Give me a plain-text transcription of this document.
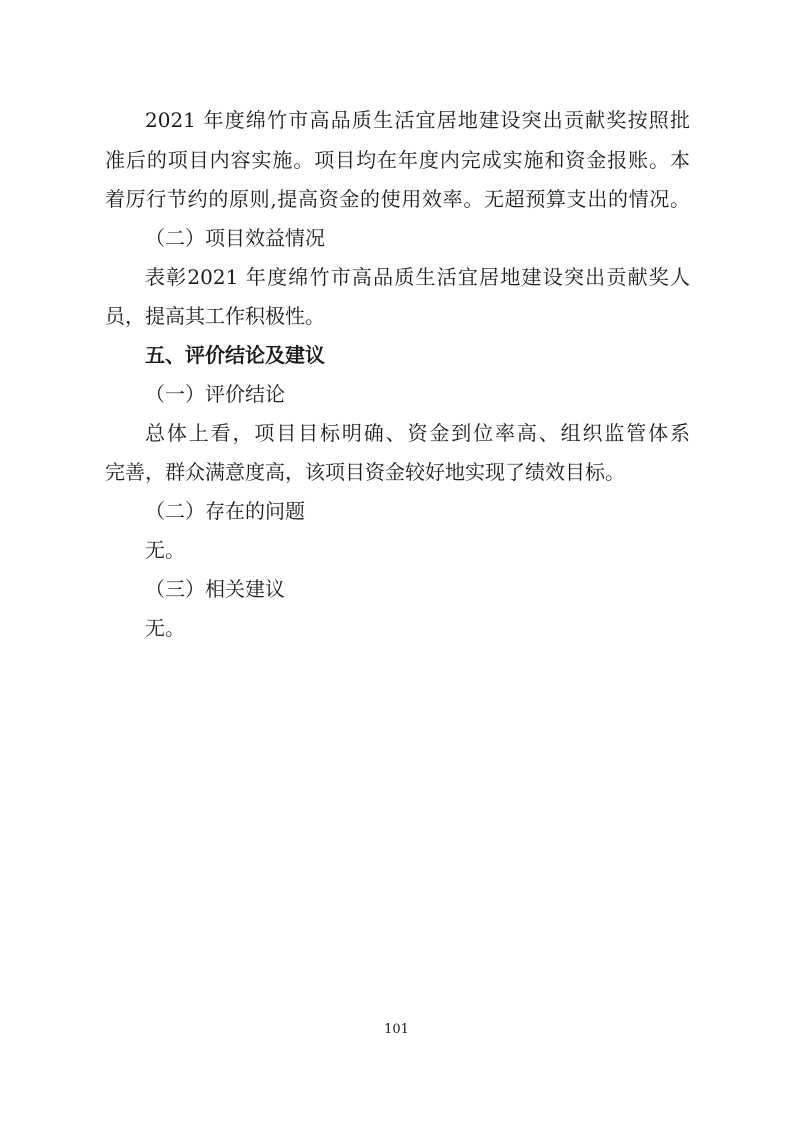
2021 年度绵竹市高品质生活宜居地建设突出贡献奖按照批
准后的项目内容实施。项目均在年度内完成实施和资金报账。本
着厉行节约的原则,提高资金的使用效率。无超预算支出的情况。
（二）项目效益情况
表彰2021 年度绵竹市高品质生活宜居地建设突出贡献奖人
员，提高其工作积极性。
五、评价结论及建议
（一）评价结论
总体上看，项目目标明确、资金到位率高、组织监管体系
完善，群众满意度高，该项目资金较好地实现了绩效目标。
（二）存在的问题
无。
（三）相关建议
无。
101
